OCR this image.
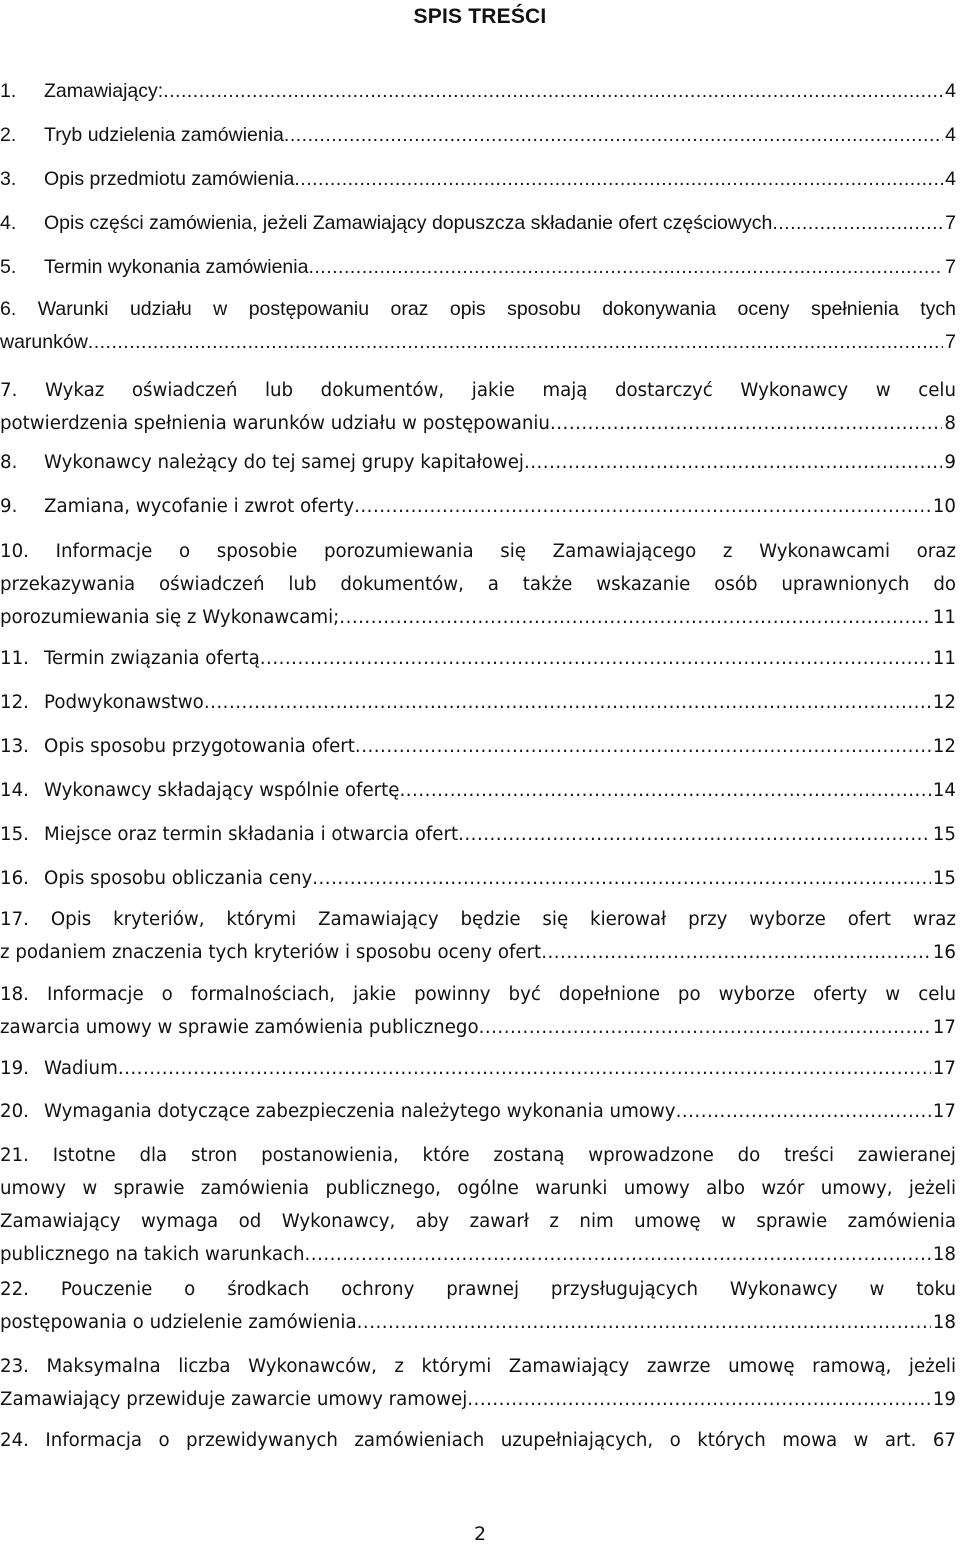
SPIS TREŚCI
1.	Zamawiający: .....	4
2.	Tryb udzielenia zamówienia .....	4
3.	Opis przedmiotu zamówienia .....	4
4.	Opis części zamówienia, jeżeli Zamawiający dopuszcza składanie ofert częściowych .....	7
5.	Termin wykonania zamówienia .....	7
6. Warunki udziału w postępowaniu oraz opis sposobu dokonywania oceny spełnienia tych
warunków .....	7
7. Wykaz oświadczeń lub dokumentów, jakie mają dostarczyć Wykonawcy w celu
potwierdzenia spełnienia warunków udziału w postępowaniu .....	8
8.	Wykonawcy należący do tej samej grupy kapitałowej .....	9
9.	Zamiana, wycofanie i zwrot oferty .....	10
10. Informacje o sposobie porozumiewania się Zamawiającego z Wykonawcami oraz
przekazywania oświadczeń lub dokumentów, a także wskazanie osób uprawnionych do
porozumiewania się z Wykonawcami; .....	11
11. Termin związania ofertą .....	11
12. Podwykonawstwo .....	12
13. Opis sposobu przygotowania ofert .....	12
14. Wykonawcy składający wspólnie ofertę .....	14
15. Miejsce oraz termin składania i otwarcia ofert .....	15
16. Opis sposobu obliczania ceny .....	15
17. Opis kryteriów, którymi Zamawiający będzie się kierował przy wyborze ofert wraz
z podaniem znaczenia tych kryteriów i sposobu oceny ofert .....	16
18. Informacje o formalnościach, jakie powinny być dopełnione po wyborze oferty w celu
zawarcia umowy w sprawie zamówienia publicznego .....	17
19. Wadium .....	17
20. Wymagania dotyczące zabezpieczenia należytego wykonania umowy .....	17
21. Istotne dla stron postanowienia, które zostaną wprowadzone do treści zawieranej
umowy w sprawie zamówienia publicznego, ogólne warunki umowy albo wzór umowy, jeżeli
Zamawiający wymaga od Wykonawcy, aby zawarł z nim umowę w sprawie zamówienia
publicznego na takich warunkach .....	18
22. Pouczenie o środkach ochrony prawnej przysługujących Wykonawcy w toku
postępowania o udzielenie zamówienia .....	18
23. Maksymalna liczba Wykonawców, z którymi Zamawiający zawrze umowę ramową, jeżeli
Zamawiający przewiduje zawarcie umowy ramowej .....	19
24. Informacja o przewidywanych zamówieniach uzupełniających, o których mowa w art. 67
2
